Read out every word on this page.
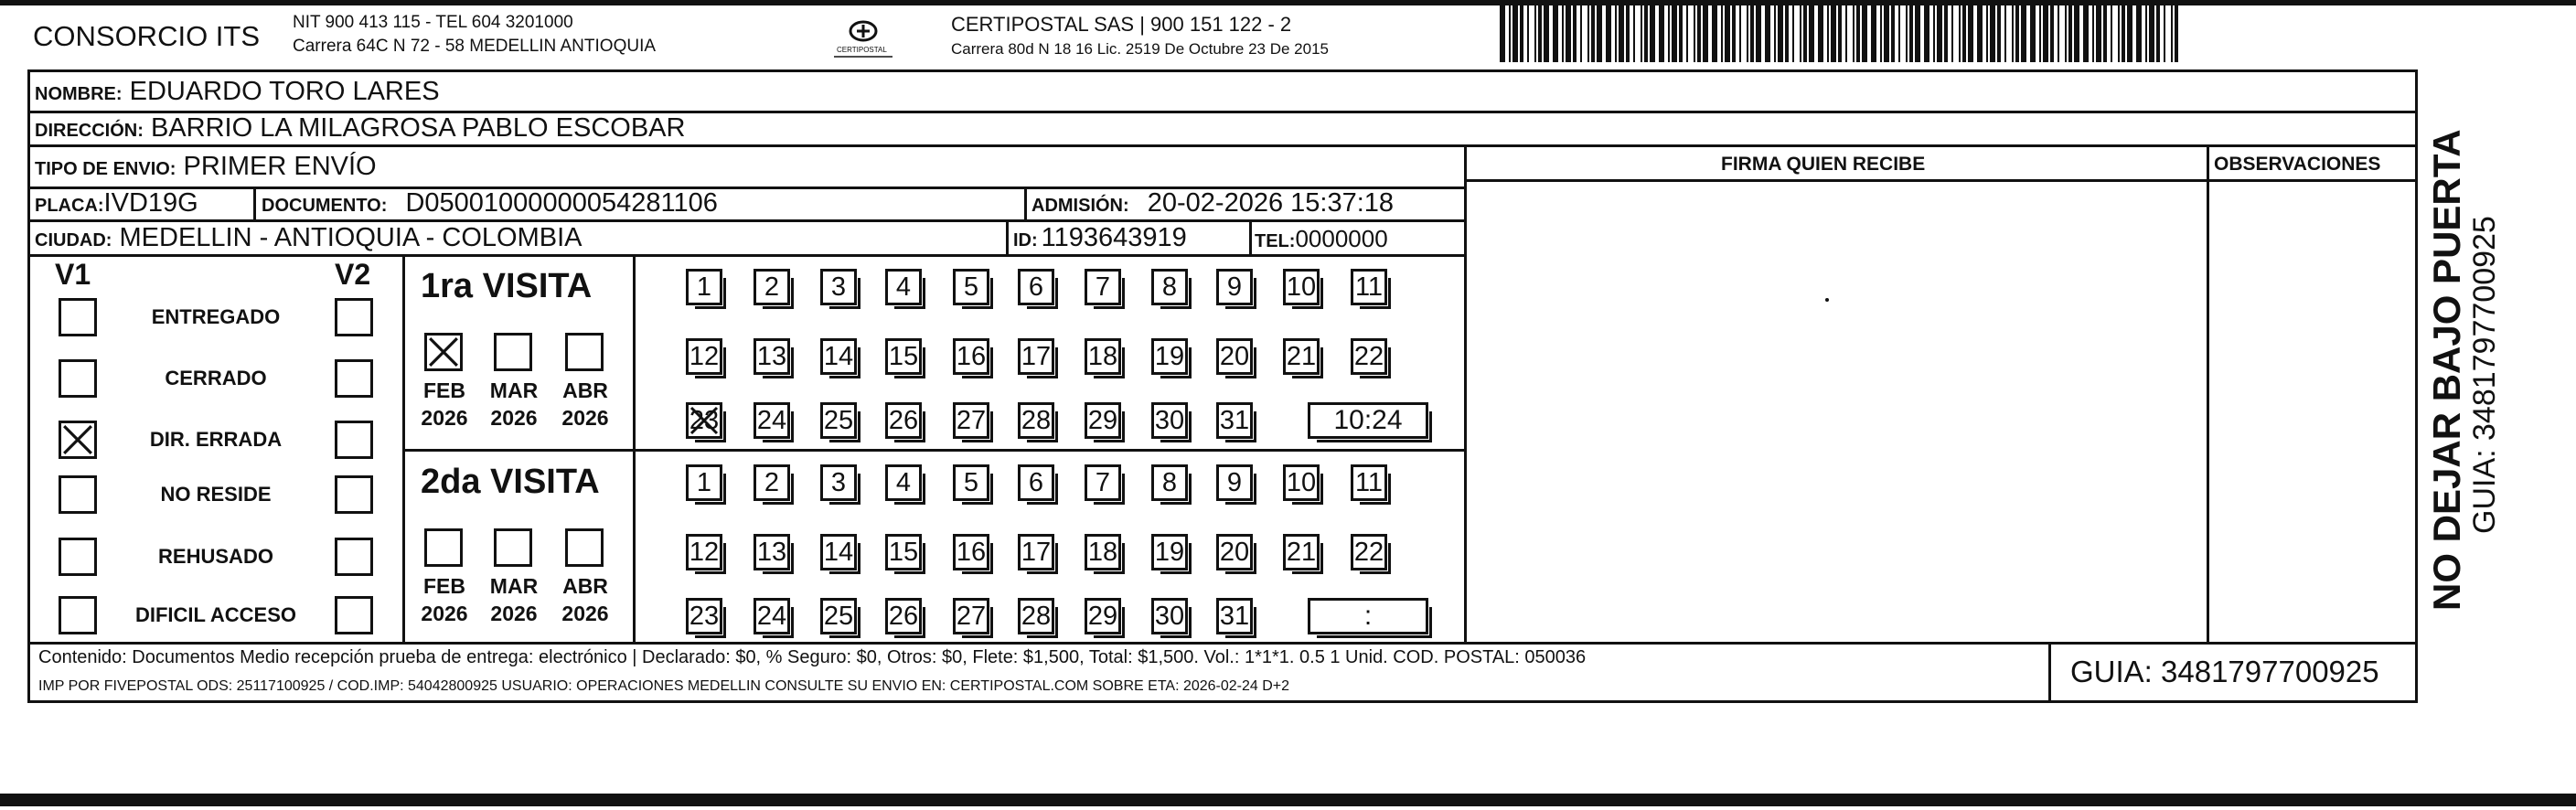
CONSORCIO ITS NIT 900 413 115 - TEL 604 3201000
Carrera 64C N 72 - 58 MEDELLIN ANTIOQUIA	CERTIPOSTAL
CERTIPOSTAL SAS | 900 151 122 - 2
Carrera 80d N 18 16 Lic. 2519 De Octubre 23 De 2015
NOMBRE: EDUARDO TORO LARES
DIRECCIÓN: BARRIO LA MILAGROSA PABLO ESCOBAR
TIPO DE ENVIO: PRIMER ENVÍO
PLACA:IVD19G	DOCUMENTO: D05001000000054281106	ADMISIÓN: 20-02-2026 15:37:18
CIUDAD: MEDELLIN - ANTIOQUIA - COLOMBIA	ID: 1193643919	TEL:0000000
FIRMA QUIEN RECIBE	OBSERVACIONES
V1	V2
ENTREGADO
CERRADO
DIR. ERRADA
NO RESIDE
REHUSADO
DIFICIL ACCESO
1ra VISITA
FEB
2026
MAR
2026
ABR
2026
1	2	3	4	5	6	7	8	9	10 11
12 13 14 15 16 17 18 19 20 21 22
23 24 25 26 27 28 29 30 31	10:24
2da VISITA
FEB
2026
MAR
2026
ABR
2026
1	2	3	4	5	6	7	8	9	10 11
12 13 14 15 16 17 18 19 20 21 22
23 24 25 26 27 28 29 30 31	:
Contenido: Documentos Medio recepción prueba de entrega: electrónico | Declarado: $0, % Seguro: $0, Otros: $0, Flete: $1,500, Total: $1,500. Vol.: 1*1*1. 0.5 1 Unid. COD. POSTAL: 050036
IMP POR FIVEPOSTAL ODS: 25117100925 / COD.IMP: 54042800925 USUARIO: OPERACIONES MEDELLIN CONSULTE SU ENVIO EN: CERTIPOSTAL.COM SOBRE ETA: 2026-02-24 D+2	GUIA: 3481797700925
NO DEJAR BAJO PUERTA GUIA: 3481797700925
